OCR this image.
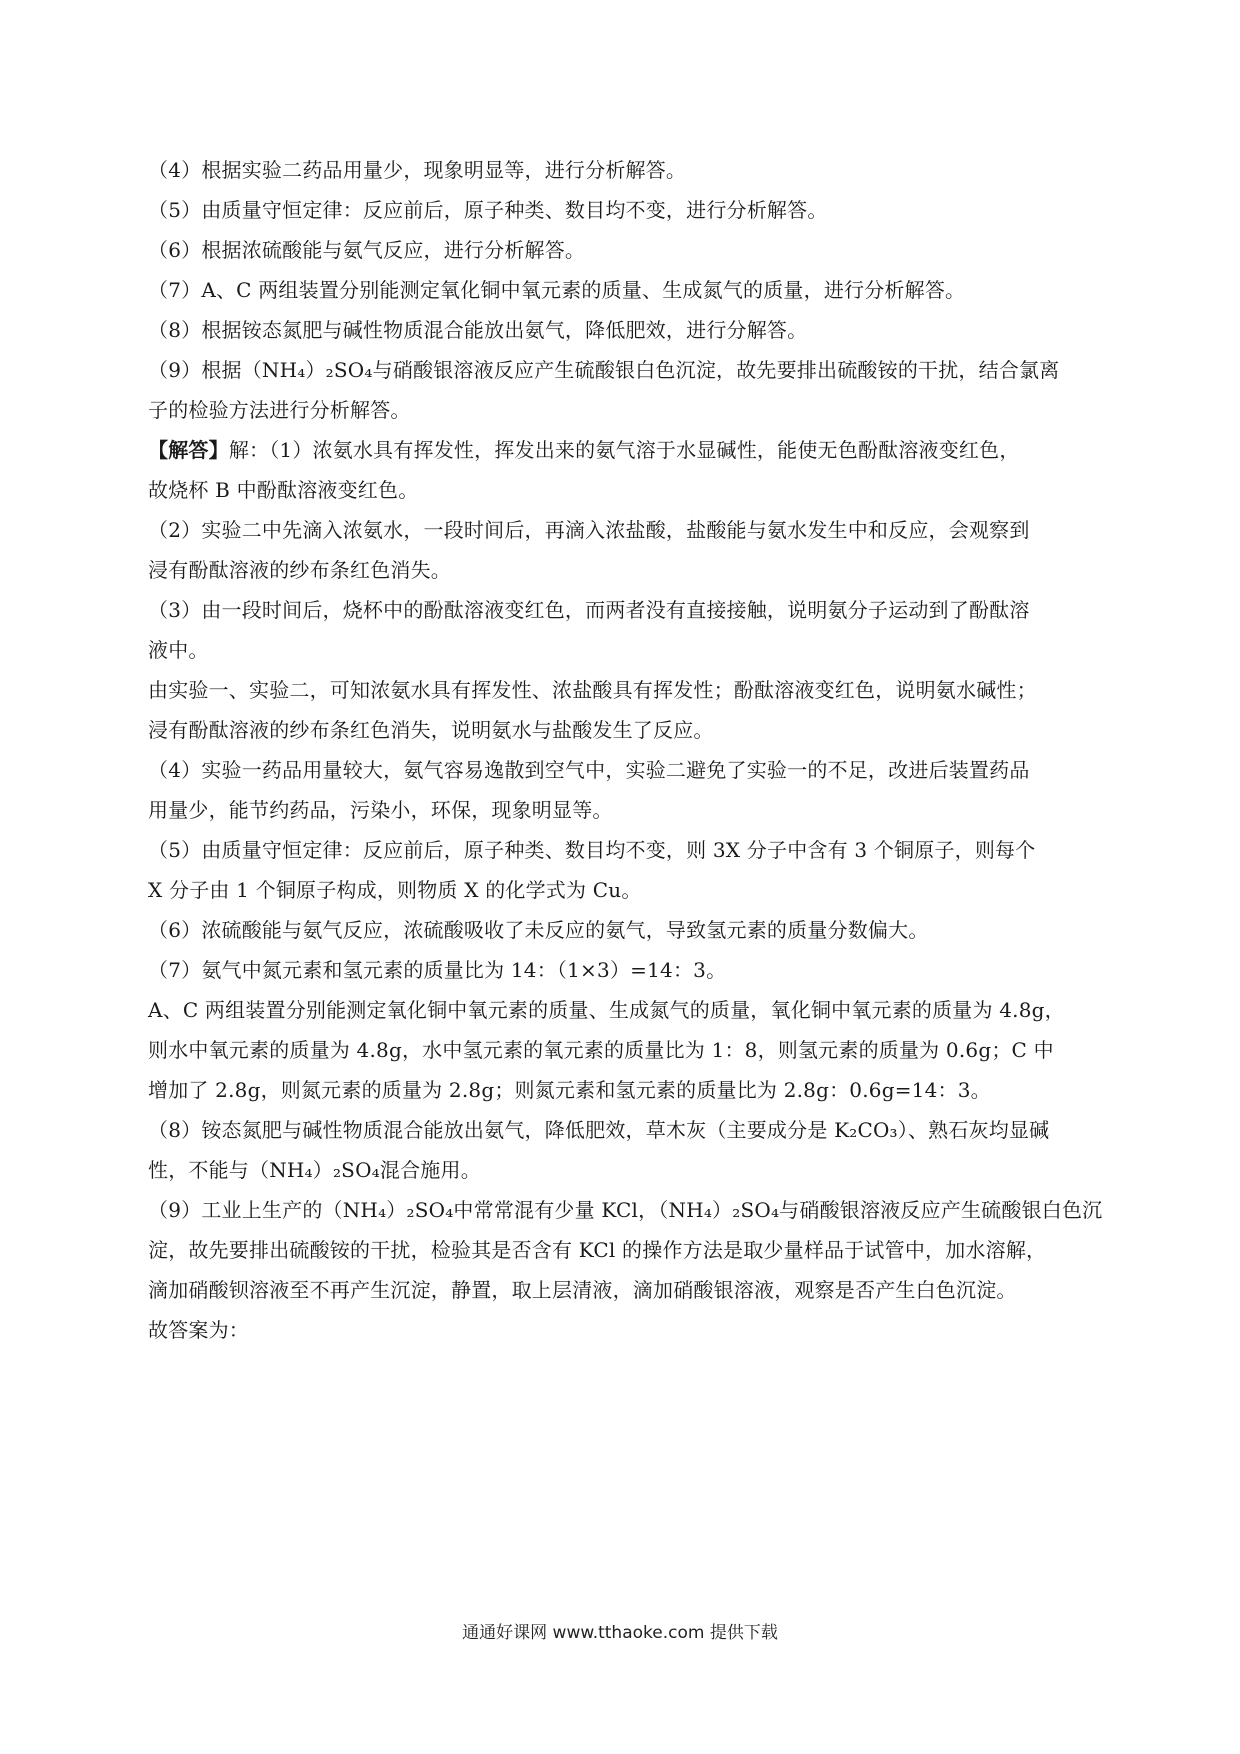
（4）根据实验二药品用量少，现象明显等，进行分析解答。
（5）由质量守恒定律：反应前后，原子种类、数目均不变，进行分析解答。
（6）根据浓硫酸能与氨气反应，进行分析解答。
（7）A、C 两组装置分别能测定氧化铜中氧元素的质量、生成氮气的质量，进行分析解答。
（8）根据铵态氮肥与碱性物质混合能放出氨气，降低肥效，进行分解答。
（9）根据（NH₄）₂SO₄与硝酸银溶液反应产生硫酸银白色沉淀，故先要排出硫酸铵的干扰，结合氯离
子的检验方法进行分析解答。
【解答】解：（1）浓氨水具有挥发性，挥发出来的氨气溶于水显碱性，能使无色酚酞溶液变红色，
故烧杯 B 中酚酞溶液变红色。
（2）实验二中先滴入浓氨水，一段时间后，再滴入浓盐酸，盐酸能与氨水发生中和反应，会观察到
浸有酚酞溶液的纱布条红色消失。
（3）由一段时间后，烧杯中的酚酞溶液变红色，而两者没有直接接触，说明氨分子运动到了酚酞溶
液中。
由实验一、实验二，可知浓氨水具有挥发性、浓盐酸具有挥发性；酚酞溶液变红色，说明氨水碱性；
浸有酚酞溶液的纱布条红色消失，说明氨水与盐酸发生了反应。
（4）实验一药品用量较大，氨气容易逸散到空气中，实验二避免了实验一的不足，改进后装置药品
用量少，能节约药品，污染小，环保，现象明显等。
（5）由质量守恒定律：反应前后，原子种类、数目均不变，则 3X 分子中含有 3 个铜原子，则每个
X 分子由 1 个铜原子构成，则物质 X 的化学式为 Cu。
（6）浓硫酸能与氨气反应，浓硫酸吸收了未反应的氨气，导致氢元素的质量分数偏大。
（7）氨气中氮元素和氢元素的质量比为 14：（1×3）=14：3。
A、C 两组装置分别能测定氧化铜中氧元素的质量、生成氮气的质量，氧化铜中氧元素的质量为 4.8g，
则水中氧元素的质量为 4.8g，水中氢元素的氧元素的质量比为 1：8，则氢元素的质量为 0.6g；C 中
增加了 2.8g，则氮元素的质量为 2.8g；则氮元素和氢元素的质量比为 2.8g：0.6g=14：3。
（8）铵态氮肥与碱性物质混合能放出氨气，降低肥效，草木灰（主要成分是 K₂CO₃）、熟石灰均显碱
性，不能与（NH₄）₂SO₄混合施用。
（9）工业上生产的（NH₄）₂SO₄中常常混有少量 KCl，（NH₄）₂SO₄与硝酸银溶液反应产生硫酸银白色沉
淀，故先要排出硫酸铵的干扰，检验其是否含有 KCl 的操作方法是取少量样品于试管中，加水溶解，
滴加硝酸钡溶液至不再产生沉淀，静置，取上层清液，滴加硝酸银溶液，观察是否产生白色沉淀。
故答案为：
通通好课网 www.tthaoke.com 提供下载
